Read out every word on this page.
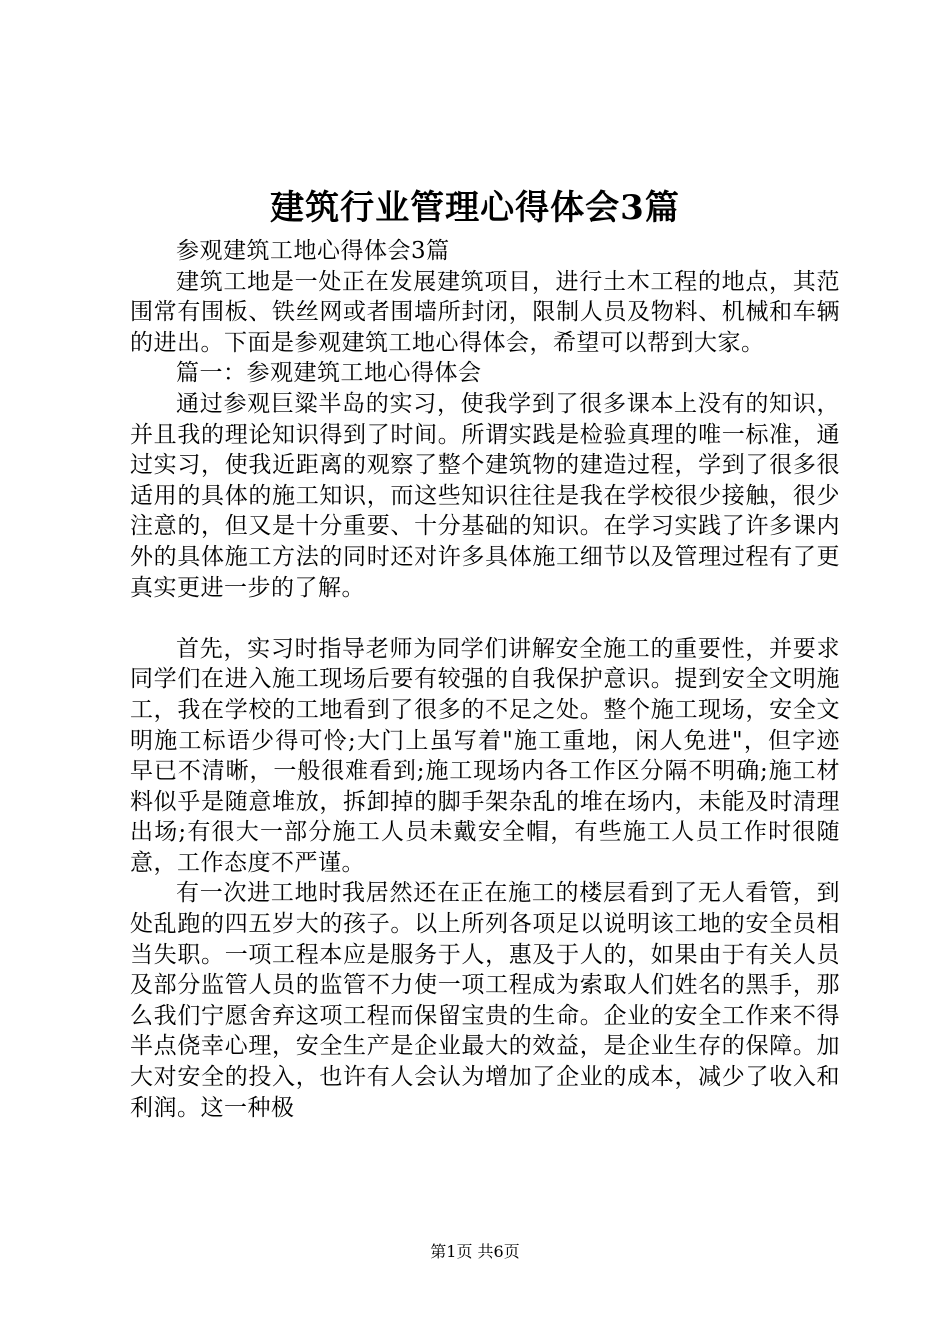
建筑行业管理心得体会3篇

参观建筑工地心得体会3篇

建筑工地是一处正在发展建筑项目，进行土木工程的地点，其范围常有围板、铁丝网或者围墙所封闭，限制人员及物料、机械和车辆的进出。下面是参观建筑工地心得体会，希望可以帮到大家。

篇一：参观建筑工地心得体会

通过参观巨粱半岛的实习，使我学到了很多课本上没有的知识，并且我的理论知识得到了时间。所谓实践是检验真理的唯一标准，通过实习，使我近距离的观察了整个建筑物的建造过程，学到了很多很适用的具体的施工知识，而这些知识往往是我在学校很少接触，很少注意的，但又是十分重要、十分基础的知识。在学习实践了许多课内外的具体施工方法的同时还对许多具体施工细节以及管理过程有了更真实更进一步的了解。

首先，实习时指导老师为同学们讲解安全施工的重要性，并要求同学们在进入施工现场后要有较强的自我保护意识。提到安全文明施工，我在学校的工地看到了很多的不足之处。整个施工现场，安全文明施工标语少得可怜;大门上虽写着"施工重地，闲人免进"，但字迹早已不清晰，一般很难看到;施工现场内各工作区分隔不明确;施工材料似乎是随意堆放，拆卸掉的脚手架杂乱的堆在场内，未能及时清理出场;有很大一部分施工人员未戴安全帽，有些施工人员工作时很随意，工作态度不严谨。

有一次进工地时我居然还在正在施工的楼层看到了无人看管，到处乱跑的四五岁大的孩子。以上所列各项足以说明该工地的安全员相当失职。一项工程本应是服务于人，惠及于人的，如果由于有关人员及部分监管人员的监管不力使一项工程成为索取人们姓名的黑手，那么我们宁愿舍弃这项工程而保留宝贵的生命。企业的安全工作来不得半点侥幸心理，安全生产是企业最大的效益，是企业生存的保障。加大对安全的投入，也许有人会认为增加了企业的成本，减少了收入和利润。这一种极

第1页 共6页
